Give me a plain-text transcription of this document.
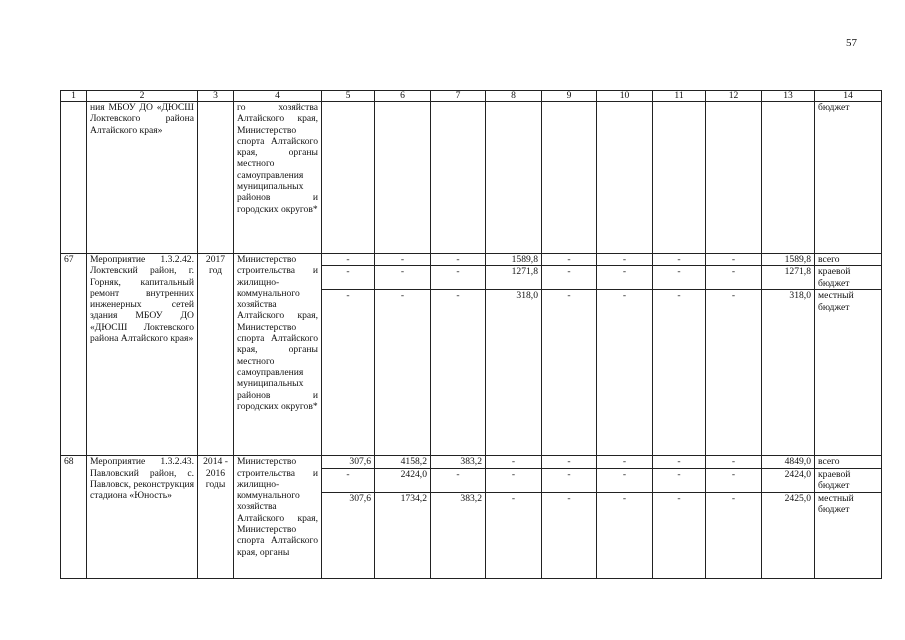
57
1	2	3	4	5	6	7	8	9	10	11	12	13	14
	ния МБОУ ДО «ДЮСШ Локтевского района Алтайского края»		го хозяйства Алтайского края, Министерство спорта Алтайского края, органы местного самоуправления муниципальных районов и городских округов*										бюджет
67	Мероприятие 1.3.2.42. Локтевский район, г. Горняк, капитальный ремонт внутренних инженерных сетей здания МБОУ ДО «ДЮСШ Локтевского района Алтайского края»	2017 год	Министерство строительства и жилищно-коммунального хозяйства Алтайского края, Министерство спорта Алтайского края, органы местного самоуправления муниципальных районов и городских округов*	-	-	-	1589,8	-	-	-	-	1589,8	всего
				-	-	-	1271,8	-	-	-	-	1271,8	краевой бюджет
				-	-	-	318,0	-	-	-	-	318,0	местный бюджет
68	Мероприятие 1.3.2.43. Павловский район, с. Павловск, реконструкция стадиона «Юность»	2014 - 2016 годы	Министерство строительства и жилищно-коммунального хозяйства Алтайского края, Министерство спорта Алтайского края, органы	307,6	4158,2	383,2	-	-	-	-	-	4849,0	всего
				-	2424,0	-	-	-	-	-	-	2424,0	краевой бюджет
				307,6	1734,2	383,2	-	-	-	-	-	2425,0	местный бюджет
